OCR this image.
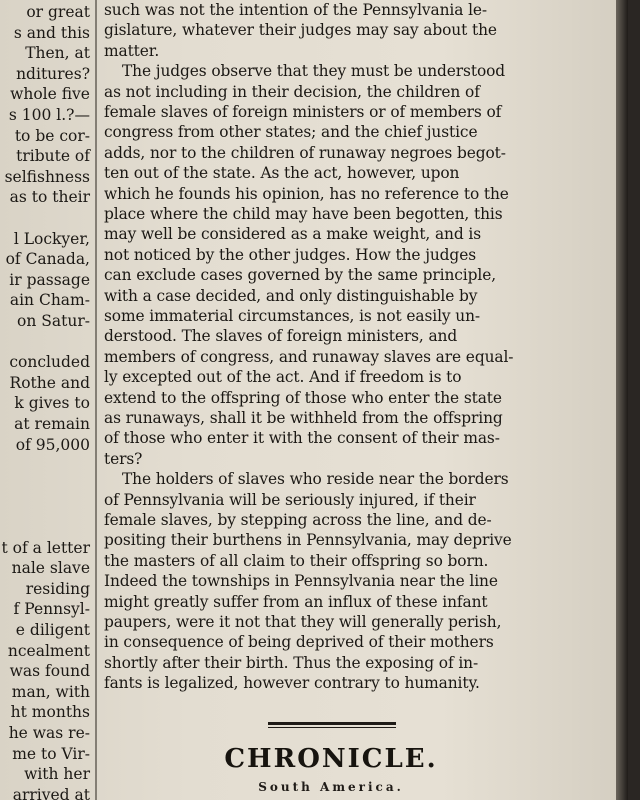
or great
s and this
Then, at
nditures?
whole five
s 100 l.?—
to be cor-
tribute of
selfishness
as to their
l Lockyer,
of Canada,
ir passage
ain Cham-
on Satur-
concluded
Rothe and
k gives to
at remain
of 95,000
t of a letter
nale slave
residing
f Pennsyl-
e diligent
ncealment
was found
man, with
ht months
he was re-
me to Vir-
with her
arrived at
such was not the intention of the Pennsylvania le-
gislature, whatever their judges may say about the
matter.
The judges observe that they must be understood
as not including in their decision, the children of
female slaves of foreign ministers or of members of
congress from other states; and the chief justice
adds, nor to the children of runaway negroes begot-
ten out of the state. As the act, however, upon
which he founds his opinion, has no reference to the
place where the child may have been begotten, this
may well be considered as a make weight, and is
not noticed by the other judges. How the judges
can exclude cases governed by the same principle,
with a case decided, and only distinguishable by
some immaterial circumstances, is not easily un-
derstood. The slaves of foreign ministers, and
members of congress, and runaway slaves are equal-
ly excepted out of the act. And if freedom is to
extend to the offspring of those who enter the state
as runaways, shall it be withheld from the offspring
of those who enter it with the consent of their mas-
ters?
The holders of slaves who reside near the borders
of Pennsylvania will be seriously injured, if their
female slaves, by stepping across the line, and de-
positing their burthens in Pennsylvania, may deprive
the masters of all claim to their offspring so born.
Indeed the townships in Pennsylvania near the line
might greatly suffer from an influx of these infant
paupers, were it not that they will generally perish,
in consequence of being deprived of their mothers
shortly after their birth. Thus the exposing of in-
fants is legalized, however contrary to humanity.
CHRONICLE.
South America.
